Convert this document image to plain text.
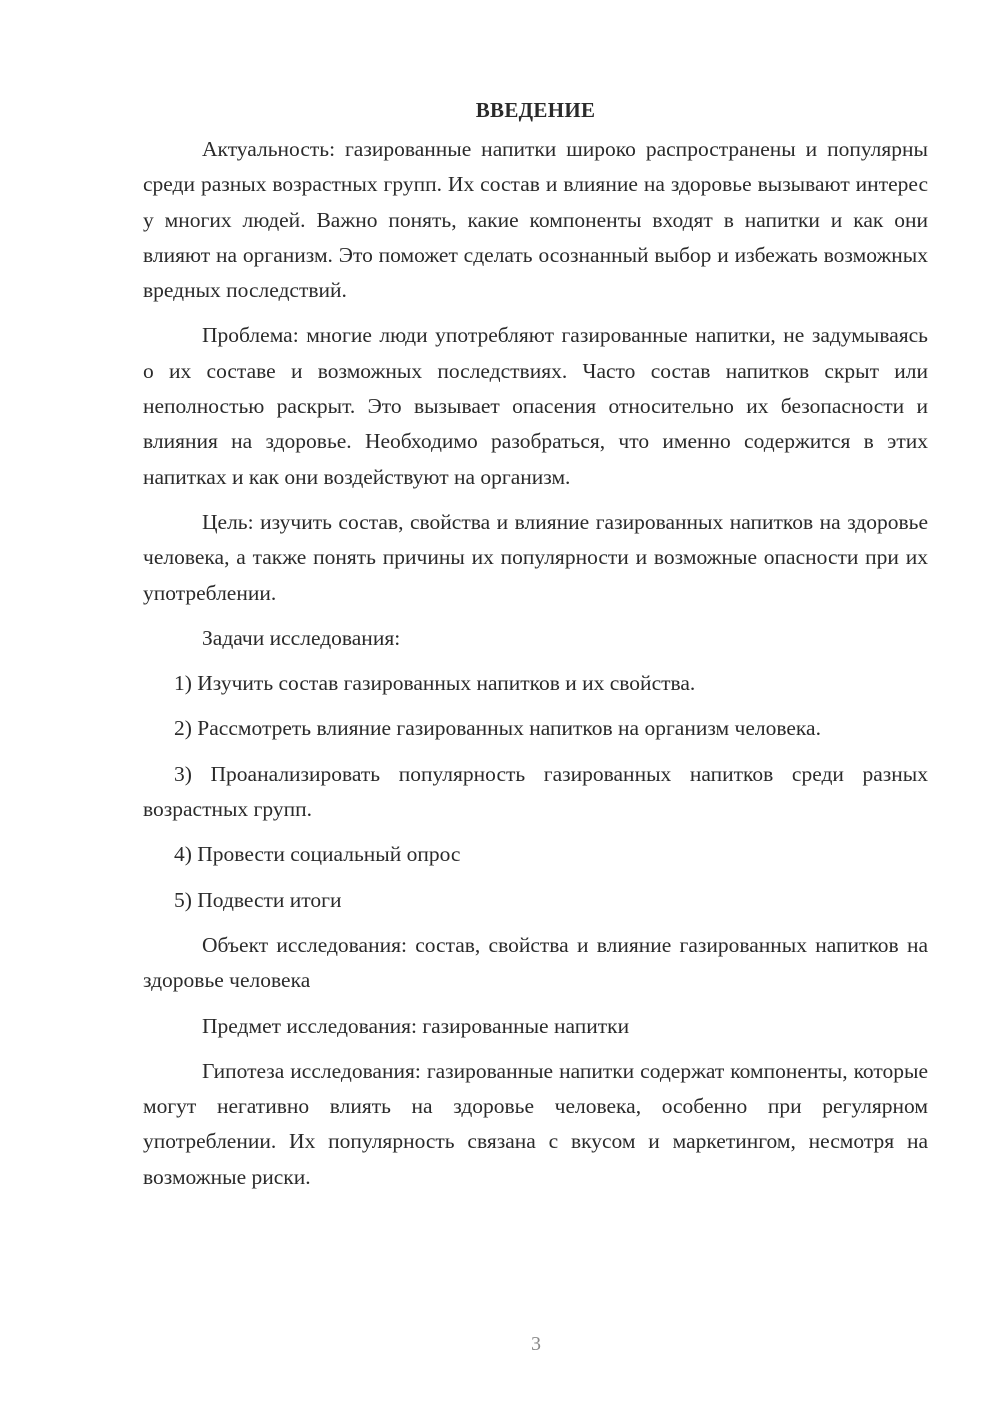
ВВЕДЕНИЕ

Актуальность: газированные напитки широко распространены и популярны среди разных возрастных групп. Их состав и влияние на здоровье вызывают интерес у многих людей. Важно понять, какие компоненты входят в напитки и как они влияют на организм. Это поможет сделать осознанный выбор и избежать возможных вредных последствий.

Проблема: многие люди употребляют газированные напитки, не задумываясь о их составе и возможных последствиях. Часто состав напитков скрыт или неполностью раскрыт. Это вызывает опасения относительно их безопасности и влияния на здоровье. Необходимо разобраться, что именно содержится в этих напитках и как они воздействуют на организм.

Цель: изучить состав, свойства и влияние газированных напитков на здоровье человека, а также понять причины их популярности и возможные опасности при их употреблении.

Задачи исследования:

1) Изучить состав газированных напитков и их свойства.

2) Рассмотреть влияние газированных напитков на организм человека.

3) Проанализировать популярность газированных напитков среди разных возрастных групп.

4) Провести социальный опрос

5) Подвести итоги

Объект исследования: состав, свойства и влияние газированных напитков на здоровье человека

Предмет исследования: газированные напитки

Гипотеза исследования: газированные напитки содержат компоненты, которые могут негативно влиять на здоровье человека, особенно при регулярном употреблении. Их популярность связана с вкусом и маркетингом, несмотря на возможные риски.

3
